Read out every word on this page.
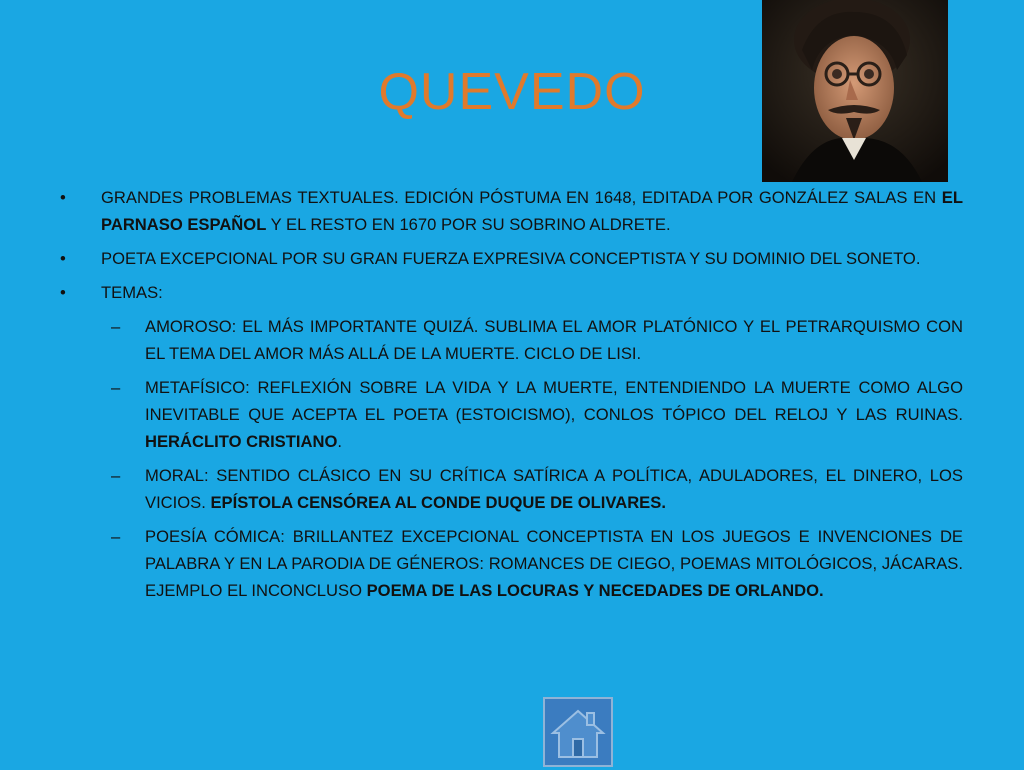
QUEVEDO
• GRANDES PROBLEMAS TEXTUALES. EDICIÓN PÓSTUMA EN 1648, EDITADA POR GONZÁLEZ SALAS EN EL PARNASO ESPAÑOL Y EL RESTO EN 1670 POR SU SOBRINO ALDRETE.
• POETA EXCEPCIONAL POR SU GRAN FUERZA EXPRESIVA CONCEPTISTA Y SU DOMINIO DEL SONETO.
• TEMAS:
– AMOROSO: EL MÁS IMPORTANTE QUIZÁ. SUBLIMA EL AMOR PLATÓNICO Y EL PETRARQUISMO CON EL TEMA DEL AMOR MÁS ALLÁ DE LA MUERTE. CICLO DE LISI.
– METAFÍSICO: REFLEXIÓN SOBRE LA VIDA Y LA MUERTE, ENTENDIENDO LA MUERTE COMO ALGO INEVITABLE QUE ACEPTA EL POETA (ESTOICISMO), CONLOS TÓPICO DEL RELOJ Y LAS RUINAS. HERÁCLITO CRISTIANO.
– MORAL: SENTIDO CLÁSICO EN SU CRÍTICA SATÍRICA A POLÍTICA, ADULADORES, EL DINERO, LOS VICIOS. EPÍSTOLA CENSÓREA AL CONDE DUQUE DE OLIVARES.
– POESÍA CÓMICA: BRILLANTEZ EXCEPCIONAL CONCEPTISTA EN LOS JUEGOS E INVENCIONES DE PALABRA Y EN LA PARODIA DE GÉNEROS: ROMANCES DE CIEGO, POEMAS MITOLÓGICOS, JÁCARAS. EJEMPLO EL INCONCLUSO POEMA DE LAS LOCURAS Y NECEDADES DE ORLANDO.
